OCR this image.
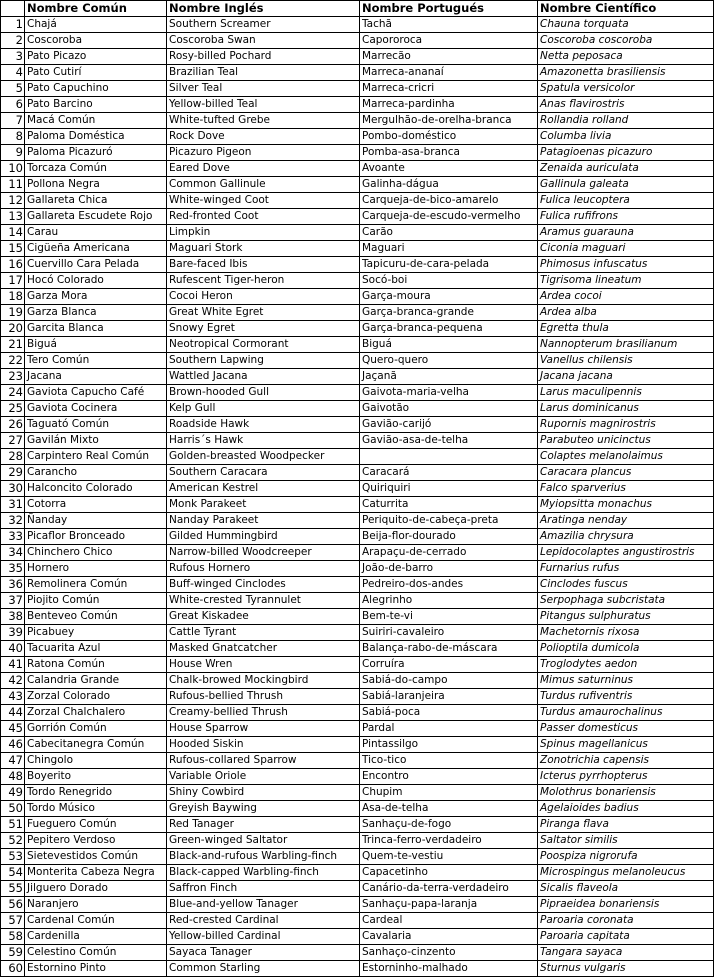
	Nombre Común	Nombre Inglés	Nombre Portugués	Nombre Científico
1	Chajá	Southern Screamer	Tachã	Chauna torquata
2	Coscoroba	Coscoroba Swan	Capororoca	Coscoroba coscoroba
3	Pato Picazo	Rosy-billed Pochard	Marrecão	Netta peposaca
4	Pato Cutirí	Brazilian Teal	Marreca-ananaí	Amazonetta brasiliensis
5	Pato Capuchino	Silver Teal	Marreca-cricri	Spatula versicolor
6	Pato Barcino	Yellow-billed Teal	Marreca-pardinha	Anas flavirostris
7	Macá Común	White-tufted Grebe	Mergulhão-de-orelha-branca	Rollandia rolland
8	Paloma Doméstica	Rock Dove	Pombo-doméstico	Columba livia
9	Paloma Picazuró	Picazuro Pigeon	Pomba-asa-branca	Patagioenas picazuro
10	Torcaza Común	Eared Dove	Avoante	Zenaida auriculata
11	Pollona Negra	Common Gallinule	Galinha-dágua	Gallinula galeata
12	Gallareta Chica	White-winged Coot	Carqueja-de-bico-amarelo	Fulica leucoptera
13	Gallareta Escudete Rojo	Red-fronted Coot	Carqueja-de-escudo-vermelho	Fulica rufifrons
14	Carau	Limpkin	Carão	Aramus guarauna
15	Cigüeña Americana	Maguari Stork	Maguari	Ciconia maguari
16	Cuervillo Cara Pelada	Bare-faced Ibis	Tapicuru-de-cara-pelada	Phimosus infuscatus
17	Hocó Colorado	Rufescent Tiger-heron	Socó-boi	Tigrisoma lineatum
18	Garza Mora	Cocoi Heron	Garça-moura	Ardea cocoi
19	Garza Blanca	Great White Egret	Garça-branca-grande	Ardea alba
20	Garcita Blanca	Snowy Egret	Garça-branca-pequena	Egretta thula
21	Biguá	Neotropical Cormorant	Biguá	Nannopterum brasilianum
22	Tero Común	Southern Lapwing	Quero-quero	Vanellus chilensis
23	Jacana	Wattled Jacana	Jaçanã	Jacana jacana
24	Gaviota Capucho Café	Brown-hooded Gull	Gaivota-maria-velha	Larus maculipennis
25	Gaviota Cocinera	Kelp Gull	Gaivotão	Larus dominicanus
26	Taguató Común	Roadside Hawk	Gavião-carijó	Rupornis magnirostris
27	Gavilán Mixto	Harris´s Hawk	Gavião-asa-de-telha	Parabuteo unicinctus
28	Carpintero Real Común	Golden-breasted Woodpecker		Colaptes melanolaimus
29	Carancho	Southern Caracara	Caracará	Caracara plancus
30	Halconcito Colorado	American Kestrel	Quiriquiri	Falco sparverius
31	Cotorra	Monk Parakeet	Caturrita	Myiopsitta monachus
32	Ñanday	Nanday Parakeet	Periquito-de-cabeça-preta	Aratinga nenday
33	Picaflor Bronceado	Gilded Hummingbird	Beija-flor-dourado	Amazilia chrysura
34	Chinchero Chico	Narrow-billed Woodcreeper	Arapaçu-de-cerrado	Lepidocolaptes angustirostris
35	Hornero	Rufous Hornero	João-de-barro	Furnarius rufus
36	Remolinera Común	Buff-winged Cinclodes	Pedreiro-dos-andes	Cinclodes fuscus
37	Piojito Común	White-crested Tyrannulet	Alegrinho	Serpophaga subcristata
38	Benteveo Común	Great Kiskadee	Bem-te-vi	Pitangus sulphuratus
39	Picabuey	Cattle Tyrant	Suiriri-cavaleiro	Machetornis rixosa
40	Tacuarita Azul	Masked Gnatcatcher	Balança-rabo-de-máscara	Polioptila dumicola
41	Ratona Común	House Wren	Corruíra	Troglodytes aedon
42	Calandria Grande	Chalk-browed Mockingbird	Sabiá-do-campo	Mimus saturninus
43	Zorzal Colorado	Rufous-bellied Thrush	Sabiá-laranjeira	Turdus rufiventris
44	Zorzal Chalchalero	Creamy-bellied Thrush	Sabiá-poca	Turdus amaurochalinus
45	Gorrión Común	House Sparrow	Pardal	Passer domesticus
46	Cabecitanegra Común	Hooded Siskin	Pintassilgo	Spinus magellanicus
47	Chingolo	Rufous-collared Sparrow	Tico-tico	Zonotrichia capensis
48	Boyerito	Variable Oriole	Encontro	Icterus pyrrhopterus
49	Tordo Renegrido	Shiny Cowbird	Chupim	Molothrus bonariensis
50	Tordo Músico	Greyish Baywing	Asa-de-telha	Agelaioides badius
51	Fueguero Común	Red Tanager	Sanhaçu-de-fogo	Piranga flava
52	Pepitero Verdoso	Green-winged Saltator	Trinca-ferro-verdadeiro	Saltator similis
53	Sietevestidos Común	Black-and-rufous Warbling-finch	Quem-te-vestiu	Poospiza nigrorufa
54	Monterita Cabeza Negra	Black-capped Warbling-finch	Capacetinho	Microspingus melanoleucus
55	Jilguero Dorado	Saffron Finch	Canário-da-terra-verdadeiro	Sicalis flaveola
56	Naranjero	Blue-and-yellow Tanager	Sanhaçu-papa-laranja	Pipraeidea bonariensis
57	Cardenal Común	Red-crested Cardinal	Cardeal	Paroaria coronata
58	Cardenilla	Yellow-billed Cardinal	Cavalaria	Paroaria capitata
59	Celestino Común	Sayaca Tanager	Sanhaço-cinzento	Tangara sayaca
60	Estornino Pinto	Common Starling	Estorninho-malhado	Sturnus vulgaris
